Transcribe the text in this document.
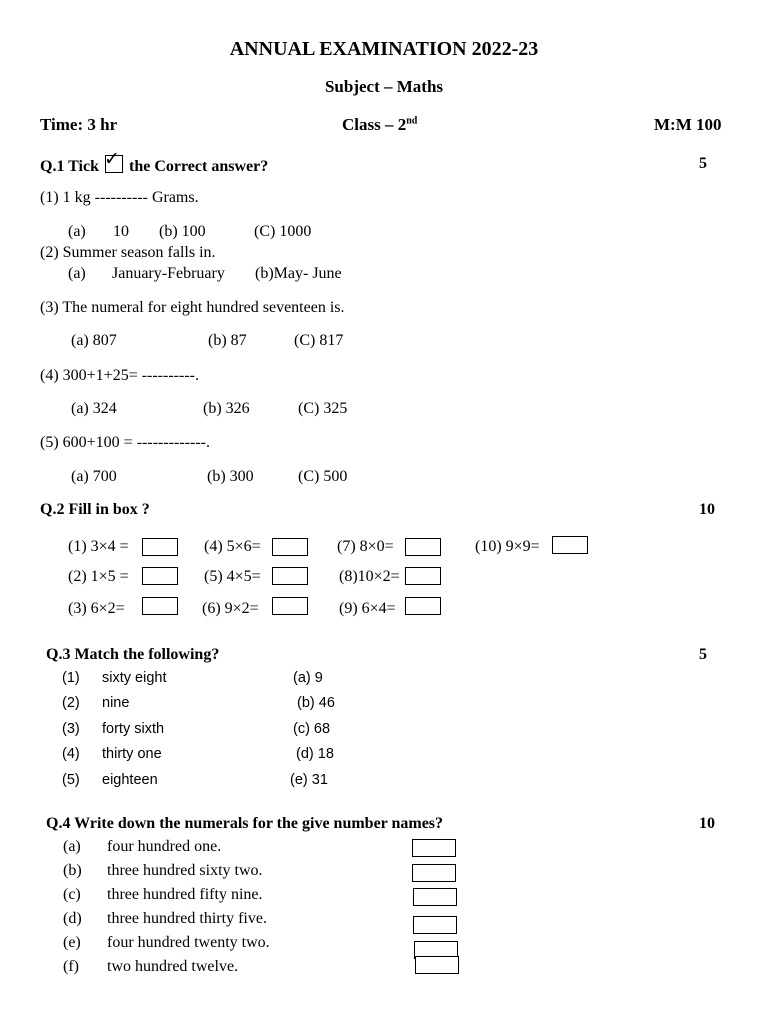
ANNUAL EXAMINATION 2022-23
Subject – Maths
Time: 3 hr	Class – 2nd	M:M 100
Q.1 Tick ✓ the Correct answer?	5
(1) 1 kg ---------- Grams.
(a) 10 (b) 100	(C) 1000
(2) Summer season falls in.
(a) January-February (b)May- June
(3) The numeral for eight hundred seventeen is.
(a) 807	(b) 87	(C) 817
(4) 300+1+25= ----------.
(a) 324	(b) 326	(C) 325
(5) 600+100 = -------------.
(a) 700	(b) 300	(C) 500
Q.2 Fill in box ?	10
(1) 3×4 =	(4) 5×6=	(7) 8×0=	(10) 9×9=
(2) 1×5 =	(5) 4×5=	(8)10×2=
(3) 6×2=	(6) 9×2=	(9) 6×4=
Q.3 Match the following?	5
(1) sixty eight	(a) 9
(2) nine	(b) 46
(3) forty sixth	(c) 68
(4) thirty one	(d) 18
(5) eighteen	(e) 31
Q.4 Write down the numerals for the give number names?	10
(a) four hundred one.
(b) three hundred sixty two.
(c) three hundred fifty nine.
(d) three hundred thirty five.
(e) four hundred twenty two.
(f) two hundred twelve.
